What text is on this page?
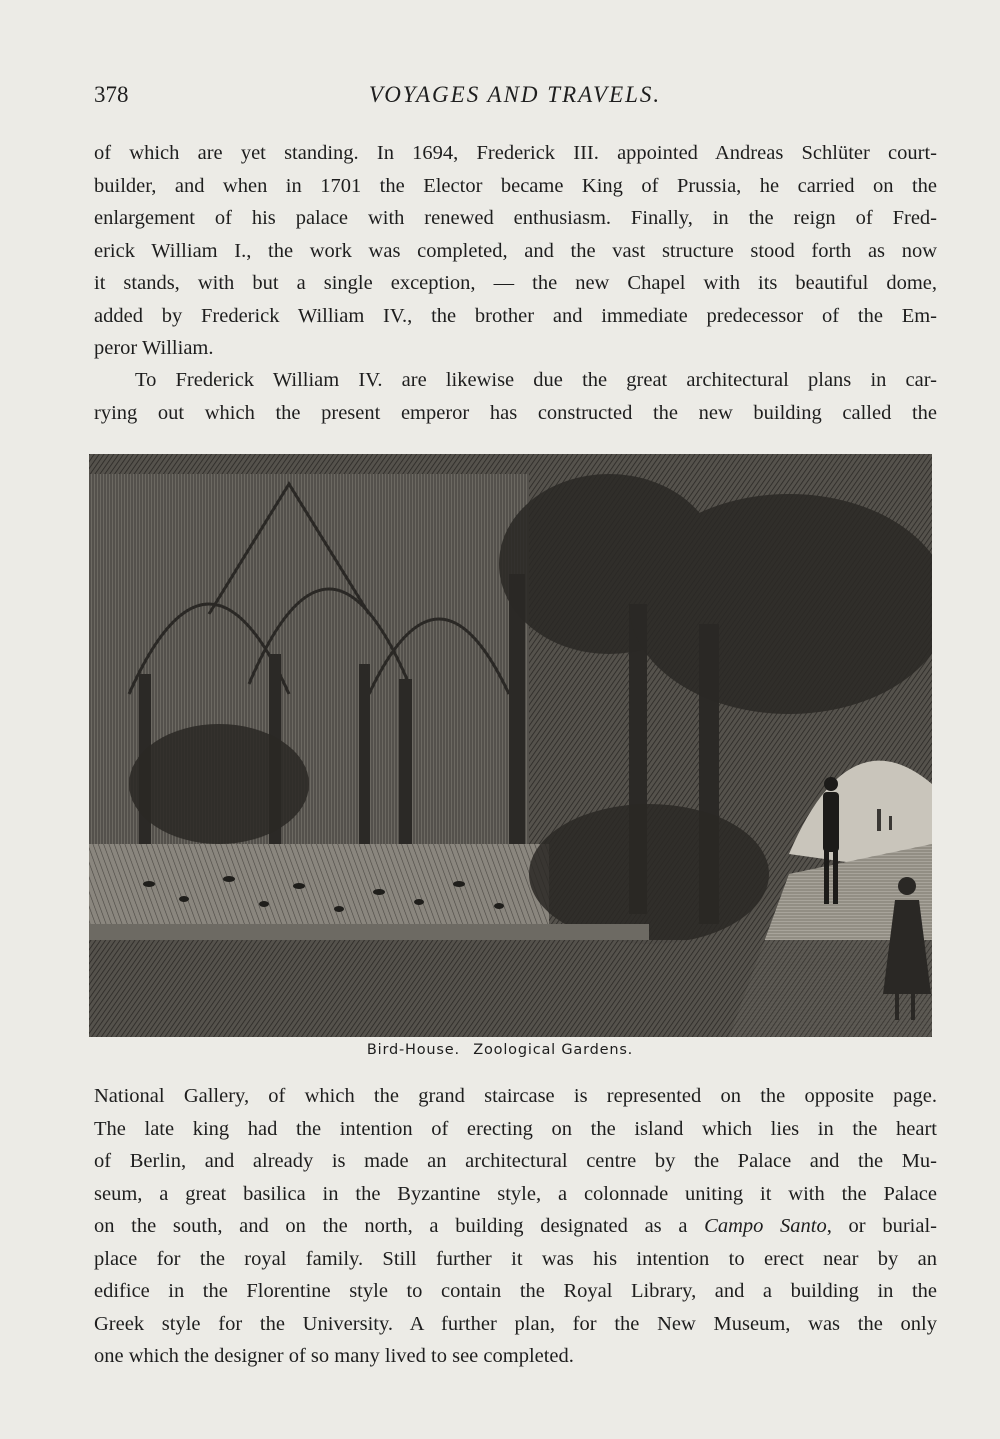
378	VOYAGES AND TRAVELS.

of which are yet standing. In 1694, Frederick III. appointed Andreas Schlüter court-
builder, and when in 1701 the Elector became King of Prussia, he carried on the
enlargement of his palace with renewed enthusiasm. Finally, in the reign of Fred-
erick William I., the work was completed, and the vast structure stood forth as now
it stands, with but a single exception, — the new Chapel with its beautiful dome,
added by Frederick William IV., the brother and immediate predecessor of the Em-
peror William.

To Frederick William IV. are likewise due the great architectural plans in car-
rying out which the present emperor has constructed the new building called the

Bird-House. Zoological Gardens.

National Gallery, of which the grand staircase is represented on the opposite page.
The late king had the intention of erecting on the island which lies in the heart
of Berlin, and already is made an architectural centre by the Palace and the Mu-
seum, a great basilica in the Byzantine style, a colonnade uniting it with the Palace
on the south, and on the north, a building designated as a Campo Santo, or burial-
place for the royal family. Still further it was his intention to erect near by an
edifice in the Florentine style to contain the Royal Library, and a building in the
Greek style for the University. A further plan, for the New Museum, was the only
one which the designer of so many lived to see completed.
